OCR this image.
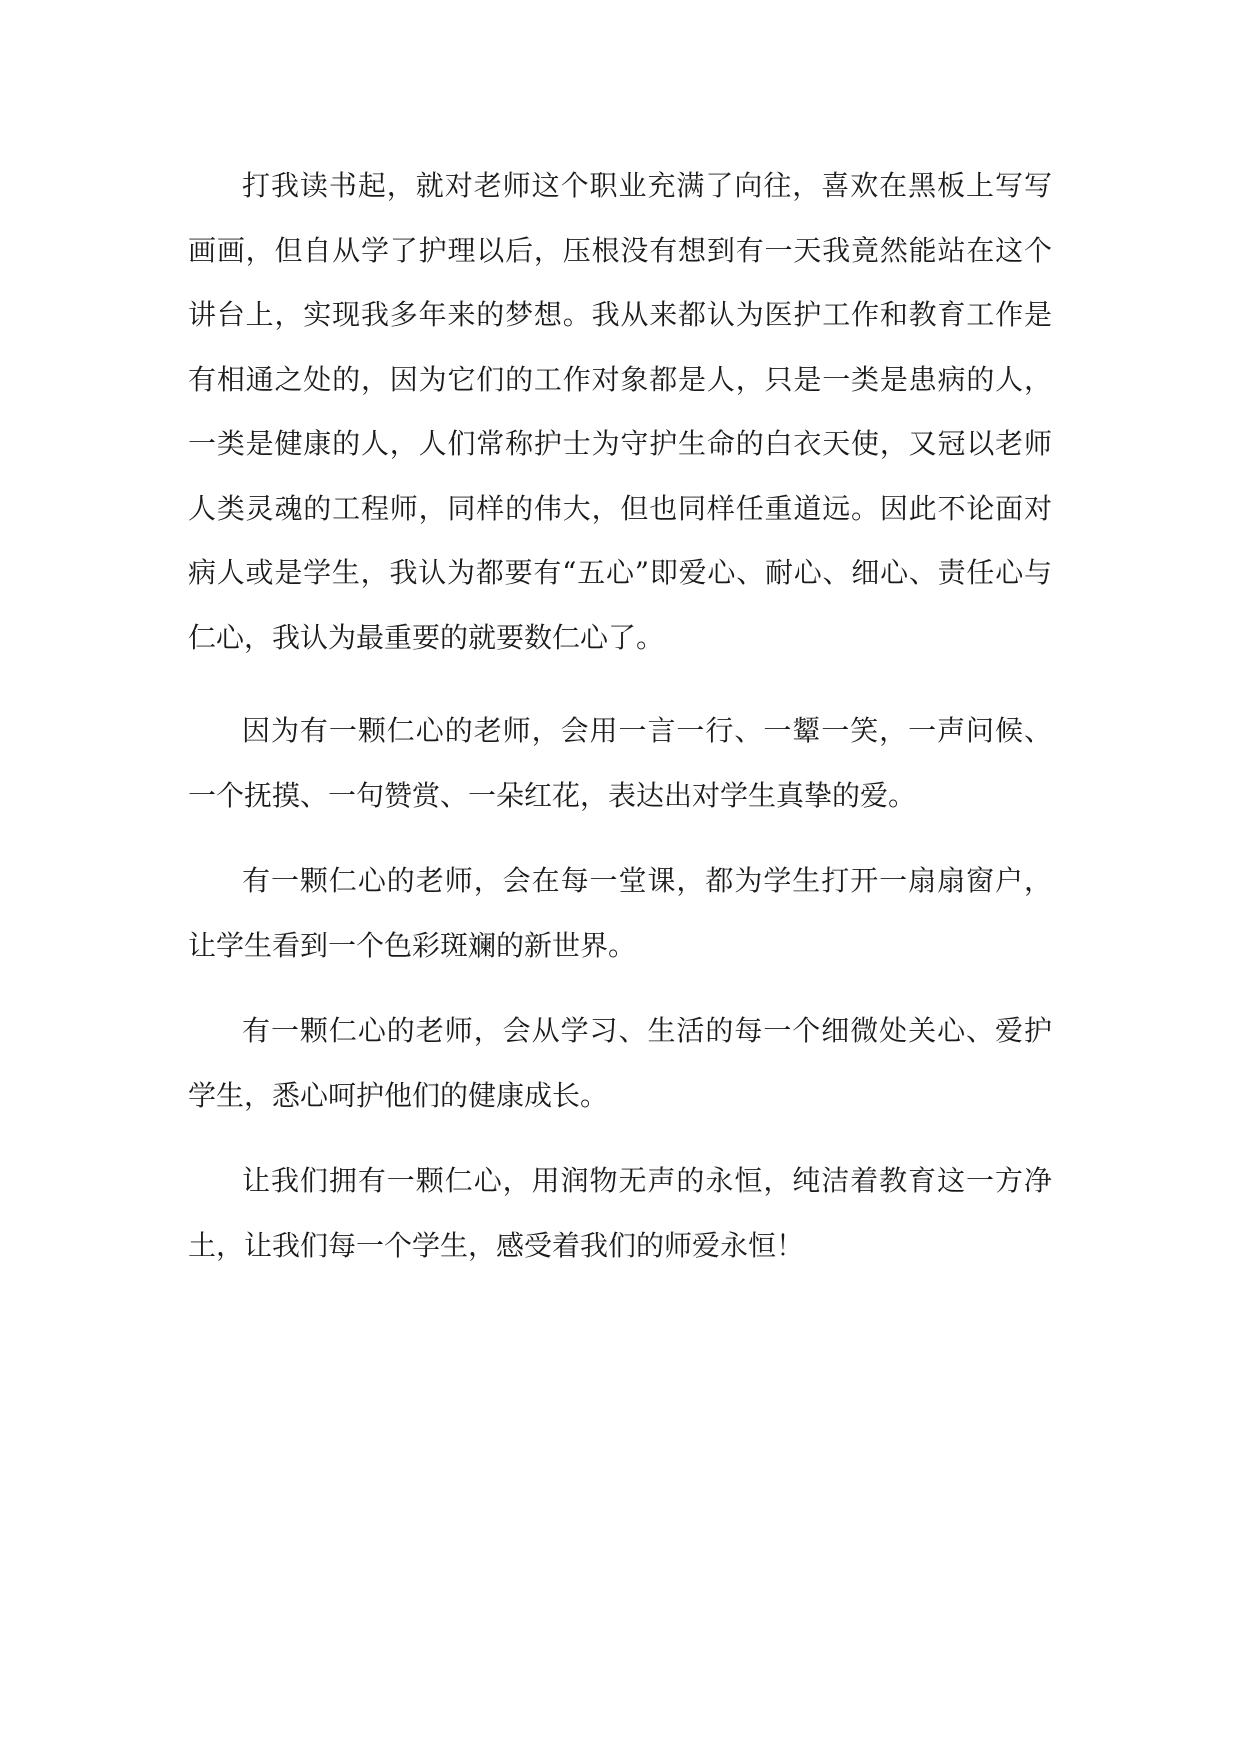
打我读书起，就对老师这个职业充满了向往，喜欢在黑板上写写画画，但自从学了护理以后，压根没有想到有一天我竟然能站在这个讲台上，实现我多年来的梦想。我从来都认为医护工作和教育工作是有相通之处的，因为它们的工作对象都是人，只是一类是患病的人，一类是健康的人，人们常称护士为守护生命的白衣天使，又冠以老师人类灵魂的工程师，同样的伟大，但也同样任重道远。因此不论面对病人或是学生，我认为都要有“五心”即爱心、耐心、细心、责任心与仁心，我认为最重要的就要数仁心了。

因为有一颗仁心的老师，会用一言一行、一颦一笑，一声问候、一个抚摸、一句赞赏、一朵红花，表达出对学生真挚的爱。

有一颗仁心的老师，会在每一堂课，都为学生打开一扇扇窗户，让学生看到一个色彩斑斓的新世界。

有一颗仁心的老师，会从学习、生活的每一个细微处关心、爱护学生，悉心呵护他们的健康成长。

让我们拥有一颗仁心，用润物无声的永恒，纯洁着教育这一方净土，让我们每一个学生，感受着我们的师爱永恒！
